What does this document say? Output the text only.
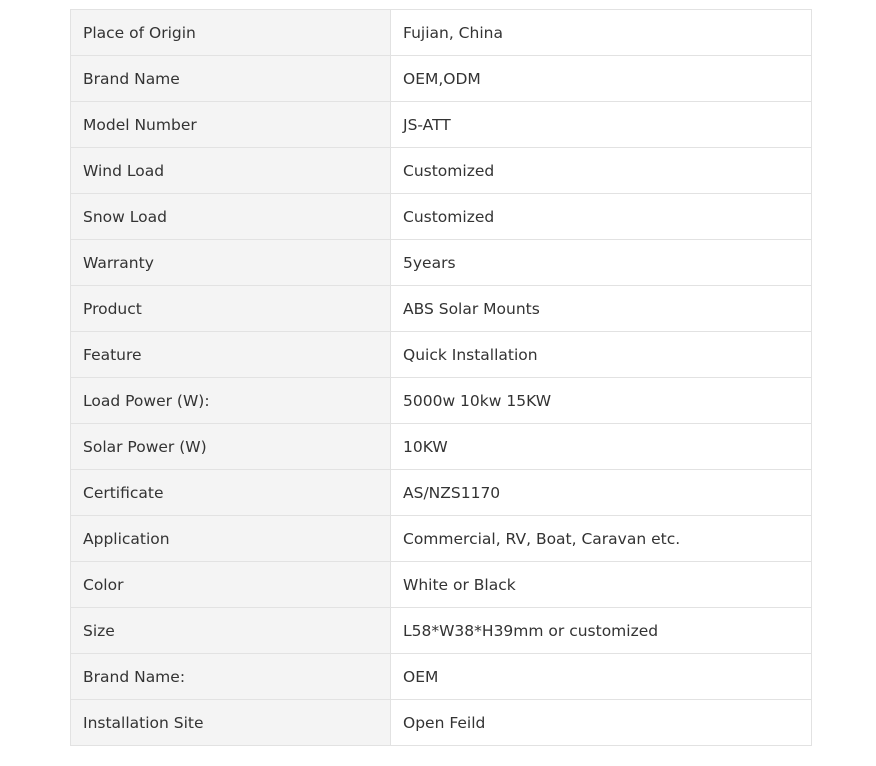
Place of Origin	Fujian, China
Brand Name	OEM,ODM
Model Number	JS-ATT
Wind Load	Customized
Snow Load	Customized
Warranty	5years
Product	ABS Solar Mounts
Feature	Quick Installation
Load Power (W):	5000w 10kw 15KW
Solar Power (W)	10KW
Certificate	AS/NZS1170
Application	Commercial, RV, Boat, Caravan etc.
Color	White or Black
Size	L58*W38*H39mm or customized
Brand Name:	OEM
Installation Site	Open Feild
